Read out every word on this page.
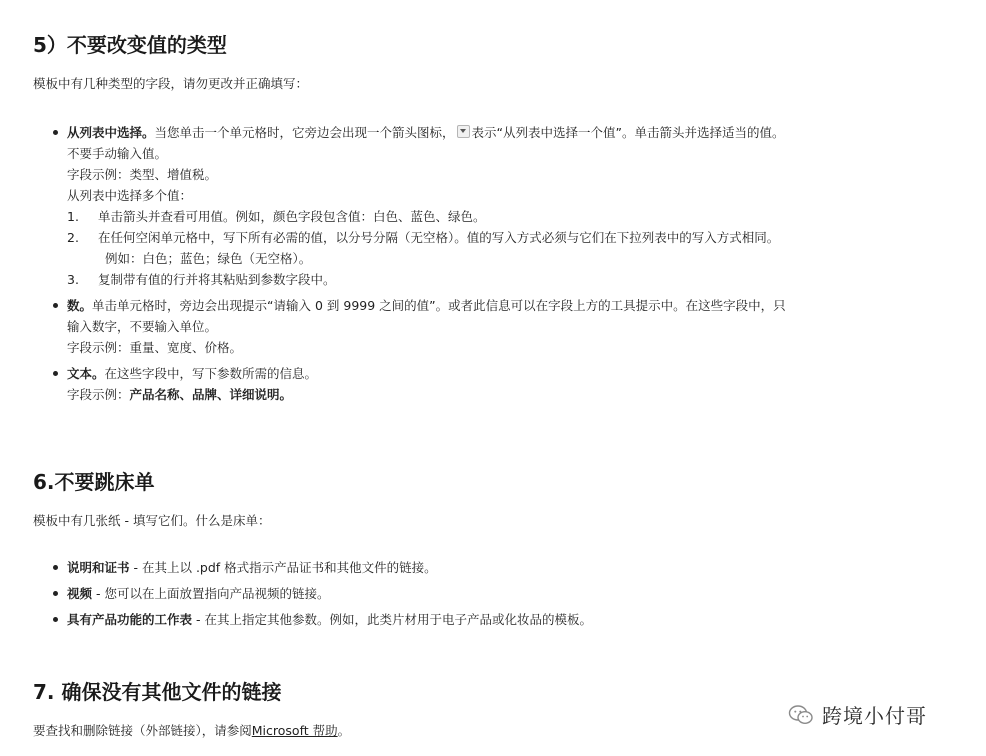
5）不要改变值的类型

模板中有几种类型的字段，请勿更改并正确填写：

从列表中选择。当您单击一个单元格时，它旁边会出现一个箭头图标， 表示“从列表中选择一个值”。单击箭头并选择适当的值。
不要手动输入值。
字段示例：类型、增值税。
从列表中选择多个值：
1. 单击箭头并查看可用值。例如，颜色字段包含值：白色、蓝色、绿色。
2. 在任何空闲单元格中，写下所有必需的值，以分号分隔（无空格）。值的写入方式必须与它们在下拉列表中的写入方式相同。
例如：白色；蓝色；绿色（无空格）。
3. 复制带有值的行并将其粘贴到参数字段中。
数。单击单元格时，旁边会出现提示“请输入 0 到 9999 之间的值”。或者此信息可以在字段上方的工具提示中。在这些字段中，只
输入数字，不要输入单位。
字段示例：重量、宽度、价格。
文本。在这些字段中，写下参数所需的信息。
字段示例：产品名称、品牌、详细说明。
6.不要跳床单

模板中有几张纸 - 填写它们。什么是床单：

说明和证书 - 在其上以 .pdf 格式指示产品证书和其他文件的链接。
视频 - 您可以在上面放置指向产品视频的链接。
具有产品功能的工作表 - 在其上指定其他参数。例如，此类片材用于电子产品或化妆品的模板。
7. 确保没有其他文件的链接

要查找和删除链接（外部链接），请参阅Microsoft 帮助。

跨境小付哥
